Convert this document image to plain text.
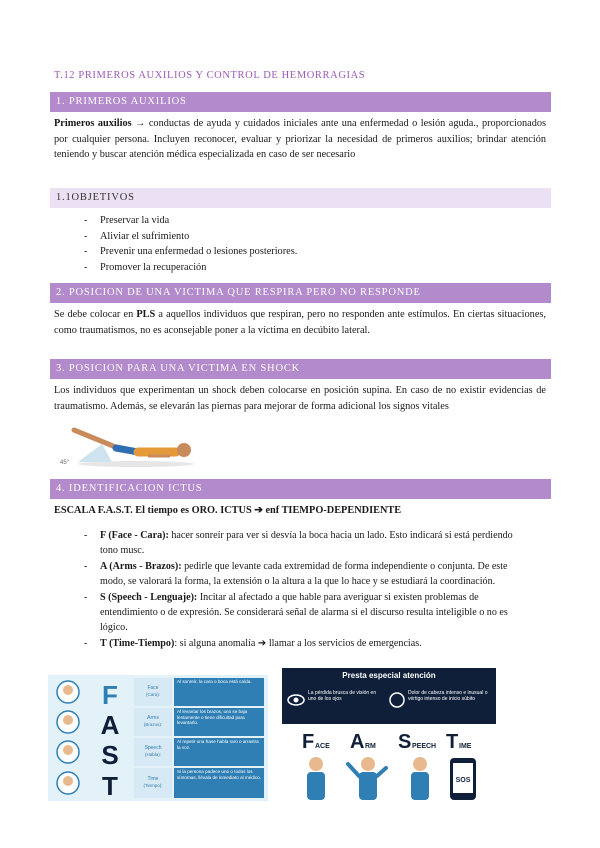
T.12 PRIMEROS AUXILIOS Y CONTROL DE HEMORRAGIAS
1. PRIMEROS AUXILIOS
Primeros auxilios → conductas de ayuda y cuidados iniciales ante una enfermedad o lesión aguda., proporcionados por cualquier persona. Incluyen reconocer, evaluar y priorizar la necesidad de primeros auxilios; brindar atención teniendo y buscar atención médica especializada en caso de ser necesario
1.1OBJETIVOS
- Preservar la vida
- Aliviar el sufrimiento
- Prevenir una enfermedad o lesiones posteriores.
- Promover la recuperación
2. POSICION DE UNA VICTIMA QUE RESPIRA PERO NO RESPONDE
Se debe colocar en PLS a aquellos individuos que respiran, pero no responden ante estímulos. En ciertas situaciones, como traumatismos, no es aconsejable poner a la víctima en decúbito lateral.
3. POSICION PARA UNA VICTIMA EN SHOCK
Los individuos que experimentan un shock deben colocarse en posición supina. En caso de no existir evidencias de traumatismo. Además, se elevarán las piernas para mejorar de forma adicional los signos vitales
45°
4. IDENTIFICACION ICTUS
ESCALA F.A.S.T. El tiempo es ORO. ICTUS ➔ enf TIEMPO-DEPENDIENTE
- F (Face - Cara): hacer sonreír para ver si desvía la boca hacia un lado. Esto indicará si está perdiendo tono musc.
- A (Arms - Brazos): pedirle que levante cada extremidad de forma independiente o conjunta. De este modo, se valorará la forma, la extensión o la altura a la que lo hace y se estudiará la coordinación.
- S (Speech - Lenguaje): Incitar al afectado a que hable para averiguar si existen problemas de entendimiento o de expresión. Se considerará señal de alarma si el discurso resulta inteligible o no es lógico.
- T (Time-Tiempo): si alguna anomalía ➔ llamar a los servicios de emergencias.
F
A
S
T
Face
(Cara):
Arms
(Brazos):
Speech
(Habla):
Time
(Tiempo):
Al sonreír, la cara o boca está caída.
Al levantar los brazos, uno se baja lentamente o tiene dificultad para levantarlo.
Al repetir una frase habla raro o arrastra la voz.
Si la persona padece uno o todos los síntomas, llévala de inmediato al médico.
Presta especial atención
La pérdida brusca de visión en uno de los ojos
Dolor de cabeza intenso e inusual o vértigo intenso de inicio súbito
F ACE A RM S PEECH T IME
SOS
